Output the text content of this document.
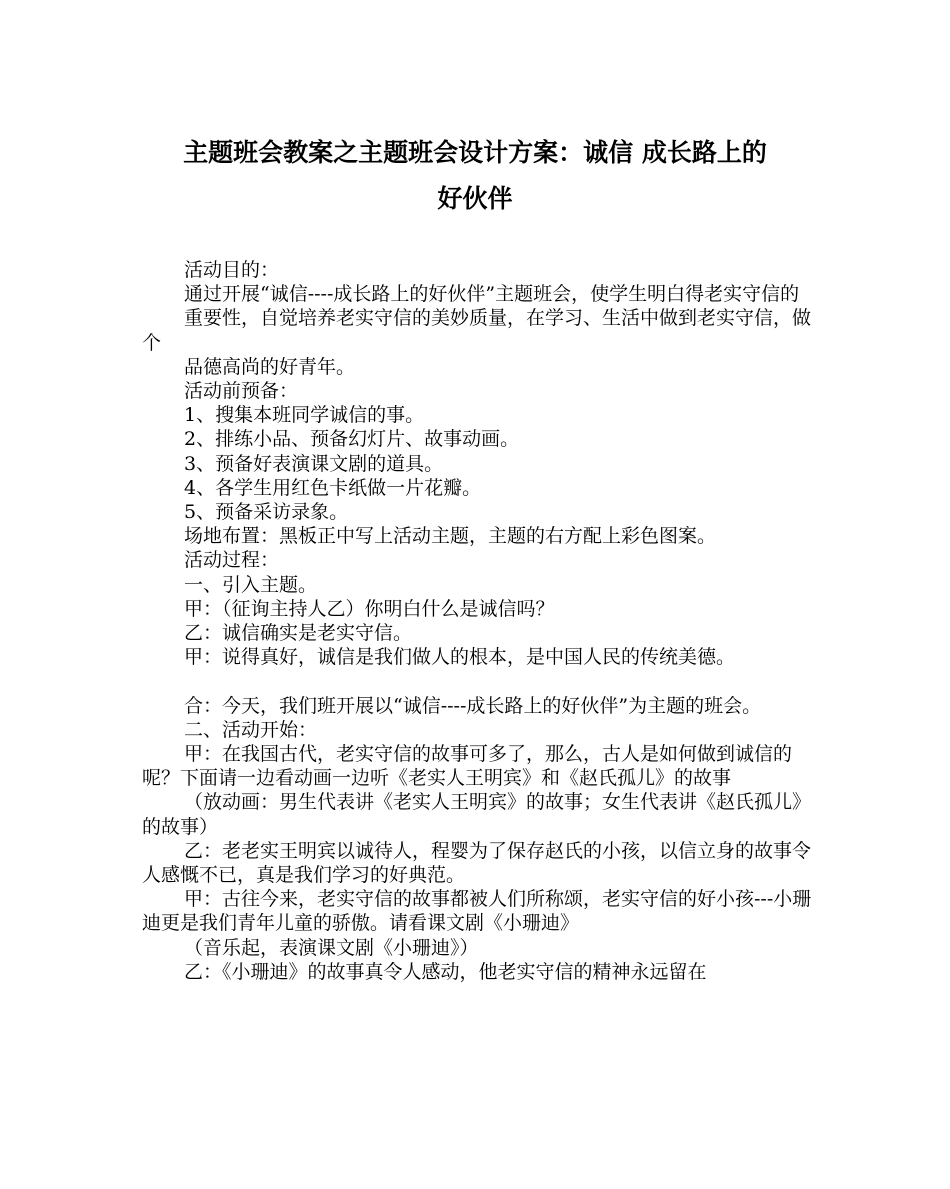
主题班会教案之主题班会设计方案：诚信 成长路上的
好伙伴

活动目的：

通过开展“诚信----成长路上的好伙伴”主题班会，使学生明白得老实守信的

重要性，自觉培养老实守信的美妙质量，在学习、生活中做到老实守信，做个

品德高尚的好青年。

活动前预备：

1、搜集本班同学诚信的事。

2、排练小品、预备幻灯片、故事动画。

3、预备好表演课文剧的道具。

4、各学生用红色卡纸做一片花瓣。

5、预备采访录象。

场地布置：黑板正中写上活动主题，主题的右方配上彩色图案。

活动过程：

一、引入主题。

甲：（征询主持人乙）你明白什么是诚信吗？

乙：诚信确实是老实守信。

甲：说得真好，诚信是我们做人的根本，是中国人民的传统美德。

合：今天，我们班开展以“诚信----成长路上的好伙伴”为主题的班会。

二、活动开始：

甲：在我国古代，老实守信的故事可多了，那么，古人是如何做到诚信的呢？下面请一边看动画一边听《老实人王明宾》和《赵氏孤儿》的故事

（放动画：男生代表讲《老实人王明宾》的故事；女生代表讲《赵氏孤儿》的故事）

乙：老老实王明宾以诚待人，程婴为了保存赵氏的小孩，以信立身的故事令人感慨不已，真是我们学习的好典范。

甲：古往今来，老实守信的故事都被人们所称颂，老实守信的好小孩---小珊迪更是我们青年儿童的骄傲。请看课文剧《小珊迪》

（音乐起，表演课文剧《小珊迪》）

乙：《小珊迪》的故事真令人感动，他老实守信的精神永远留在
